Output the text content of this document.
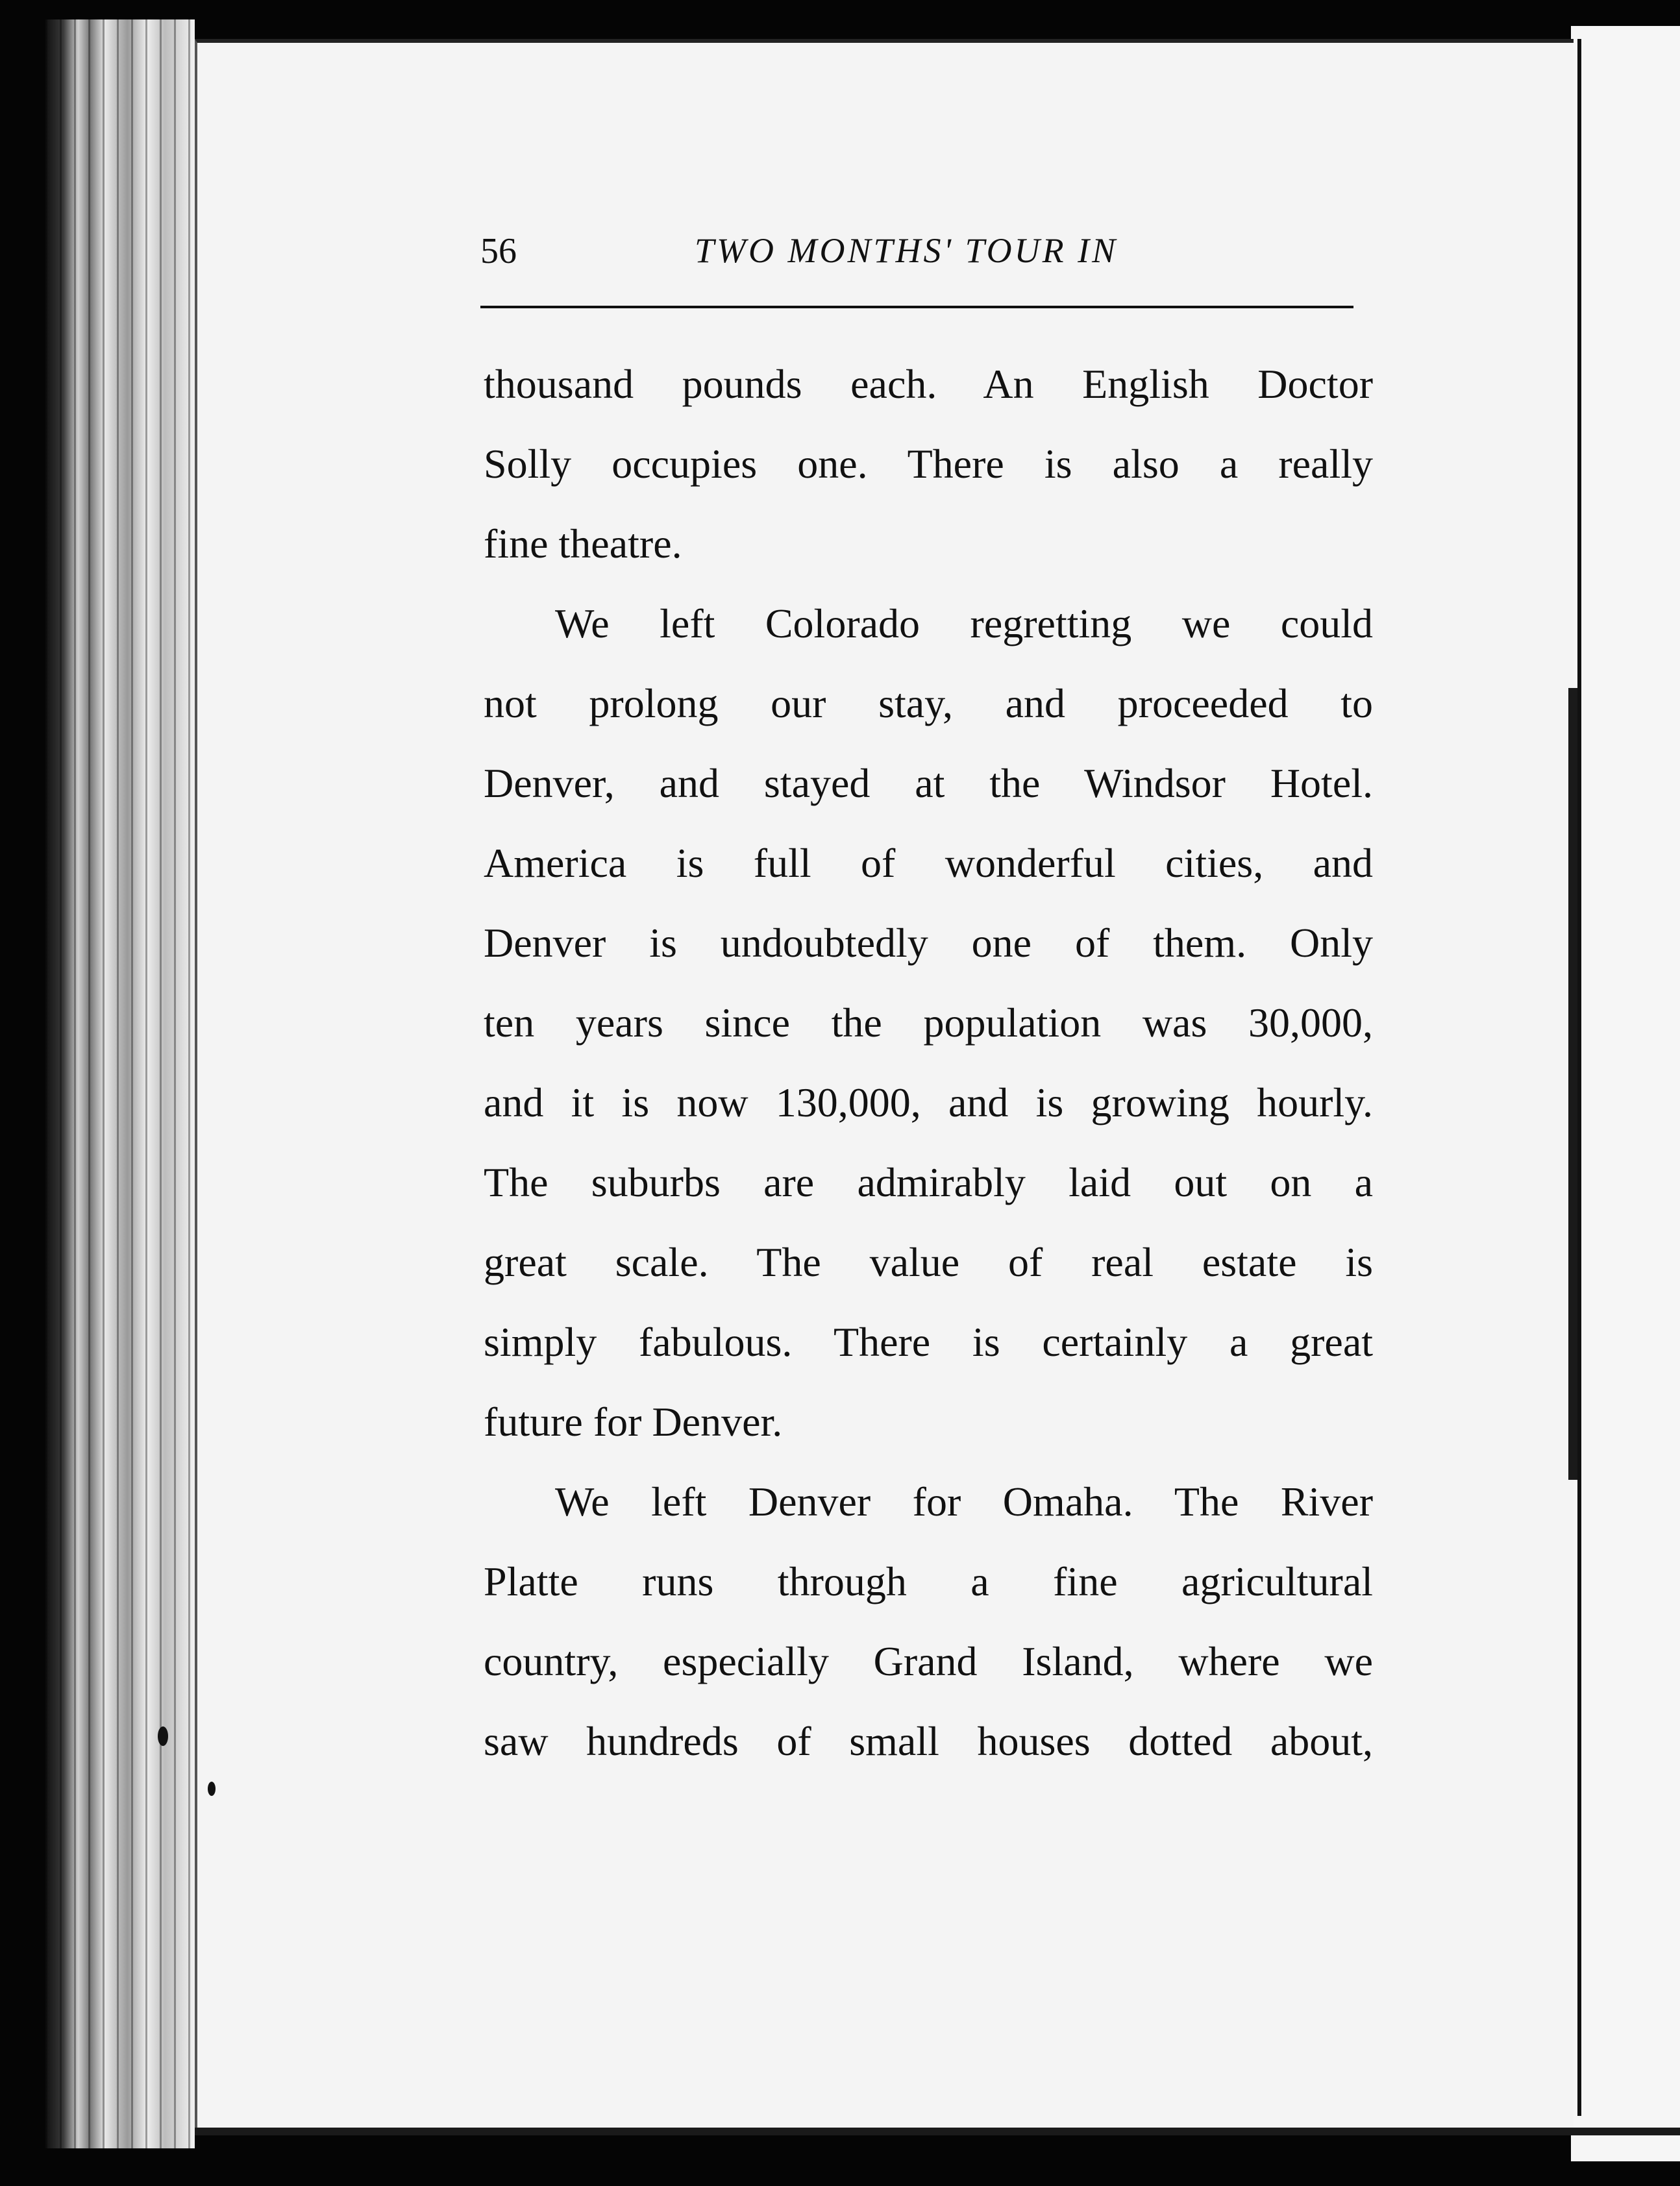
56	TWO MONTHS' TOUR IN
thousand pounds each. An English Doctor
Solly occupies one. There is also a really
fine theatre.
We left Colorado regretting we could
not prolong our stay, and proceeded to
Denver, and stayed at the Windsor Hotel.
America is full of wonderful cities, and
Denver is undoubtedly one of them. Only
ten years since the population was 30,000,
and it is now 130,000, and is growing hourly.
The suburbs are admirably laid out on a
great scale. The value of real estate is
simply fabulous. There is certainly a great
future for Denver.
We left Denver for Omaha. The River
Platte runs through a fine agricultural
country, especially Grand Island, where we
saw hundreds of small houses dotted about,
